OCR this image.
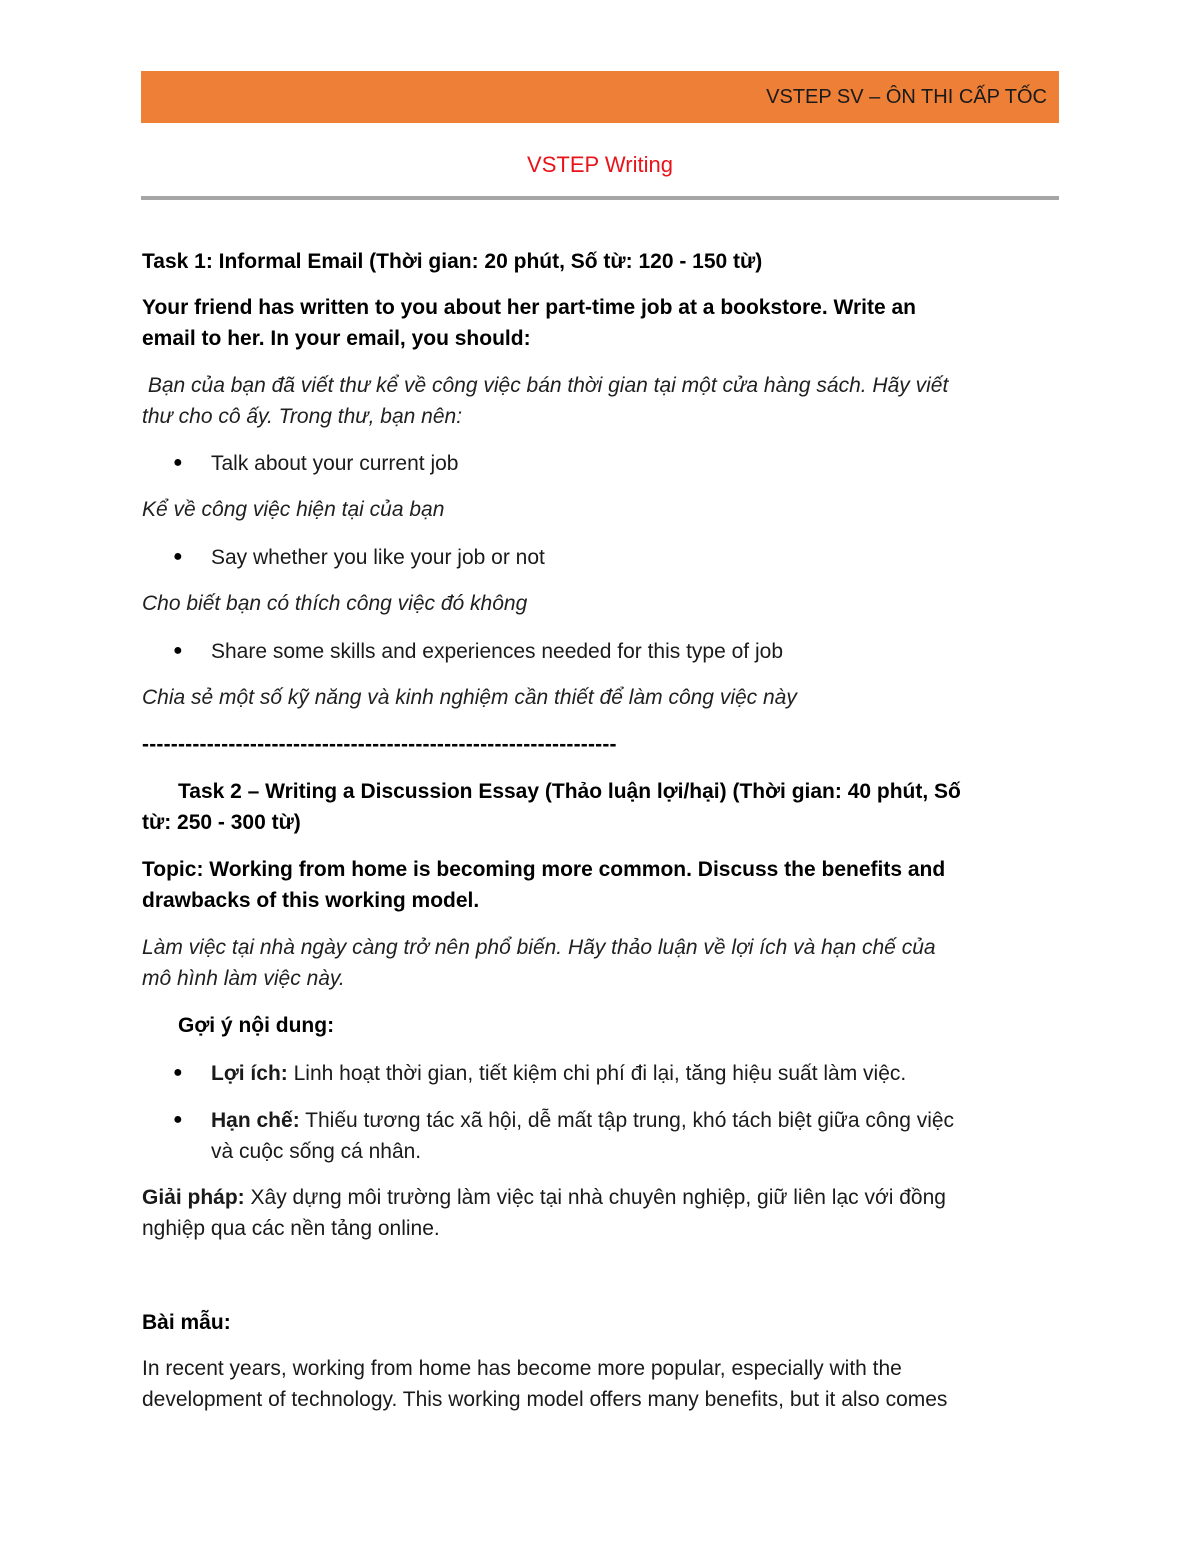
VSTEP SV – ÔN THI CẤP TỐC
VSTEP Writing
Task 1: Informal Email (Thời gian: 20 phút, Số từ: 120 - 150 từ)
Your friend has written to you about her part-time job at a bookstore. Write an
email to her. In your email, you should:
Bạn của bạn đã viết thư kể về công việc bán thời gian tại một cửa hàng sách. Hãy viết
thư cho cô ấy. Trong thư, bạn nên:
● Talk about your current job
Kể về công việc hiện tại của bạn
● Say whether you like your job or not
Cho biết bạn có thích công việc đó không
● Share some skills and experiences needed for this type of job
Chia sẻ một số kỹ năng và kinh nghiệm cần thiết để làm công việc này
------------------------------------------------------------------
Task 2 – Writing a Discussion Essay (Thảo luận lợi/hại) (Thời gian: 40 phút, Số
từ: 250 - 300 từ)
Topic: Working from home is becoming more common. Discuss the benefits and
drawbacks of this working model.
Làm việc tại nhà ngày càng trở nên phổ biến. Hãy thảo luận về lợi ích và hạn chế của
mô hình làm việc này.
Gợi ý nội dung:
● Lợi ích: Linh hoạt thời gian, tiết kiệm chi phí đi lại, tăng hiệu suất làm việc.
● Hạn chế: Thiếu tương tác xã hội, dễ mất tập trung, khó tách biệt giữa công việc
và cuộc sống cá nhân.
Giải pháp: Xây dựng môi trường làm việc tại nhà chuyên nghiệp, giữ liên lạc với đồng
nghiệp qua các nền tảng online.
Bài mẫu:
In recent years, working from home has become more popular, especially with the
development of technology. This working model offers many benefits, but it also comes
